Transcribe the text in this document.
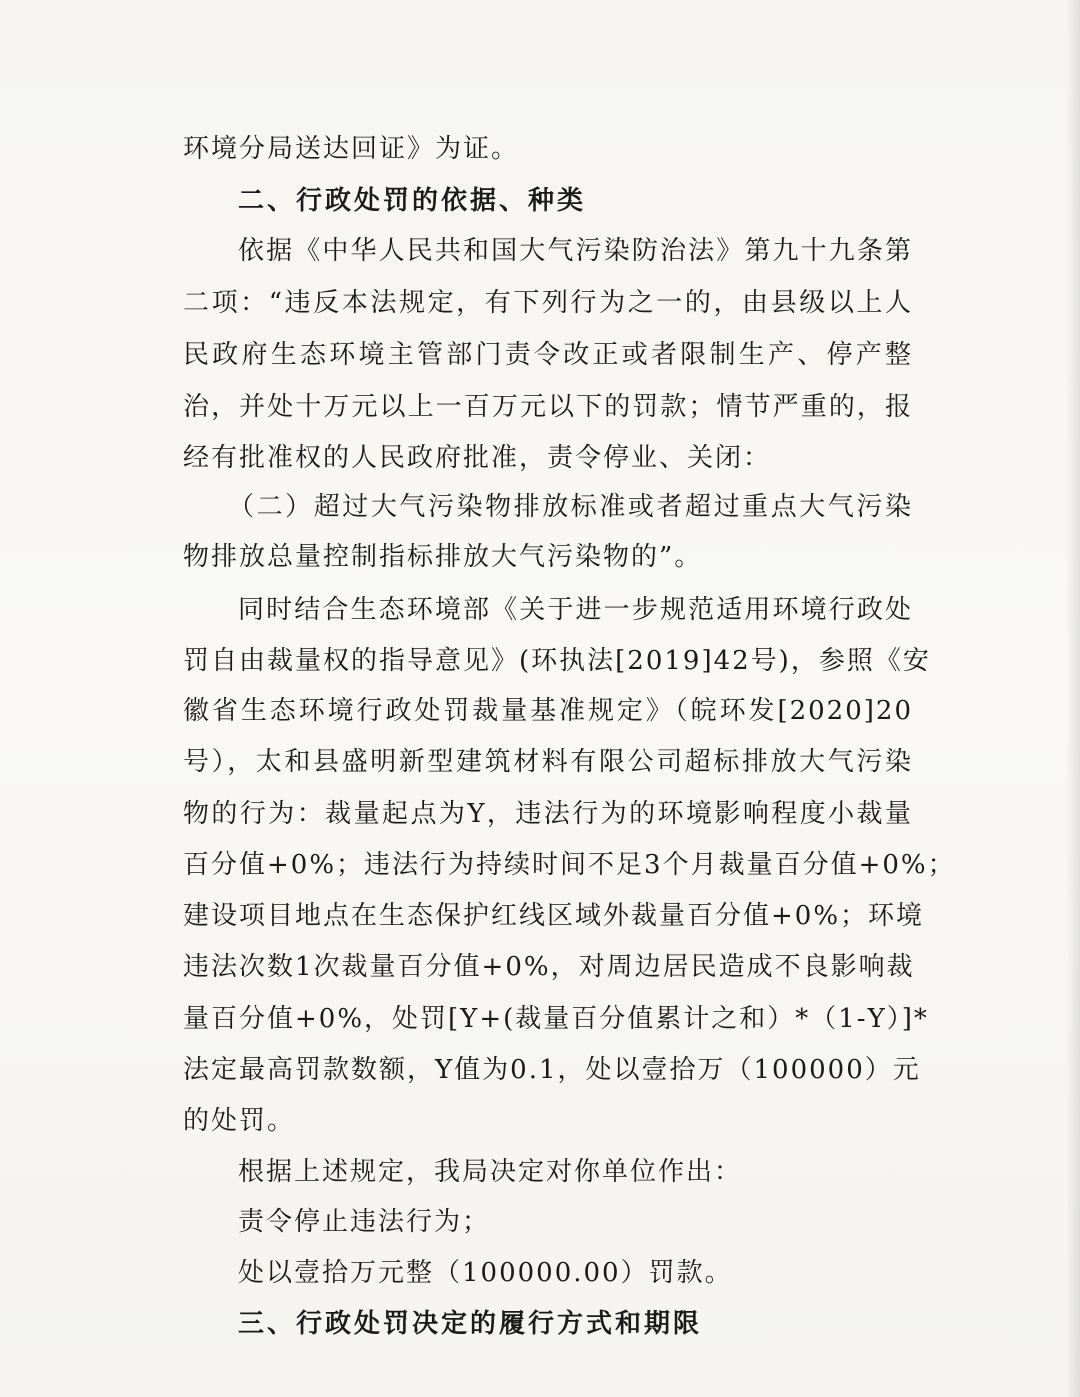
环境分局送达回证》为证。
二、行政处罚的依据、种类
依据《中华人民共和国大气污染防治法》第九十九条第
二项：“违反本法规定，有下列行为之一的，由县级以上人
民政府生态环境主管部门责令改正或者限制生产、停产整
治，并处十万元以上一百万元以下的罚款；情节严重的，报
经有批准权的人民政府批准，责令停业、关闭：
（二）超过大气污染物排放标准或者超过重点大气污染
物排放总量控制指标排放大气污染物的”。
同时结合生态环境部《关于进一步规范适用环境行政处
罚自由裁量权的指导意见》(环执法[2019]42号)，参照《安
徽省生态环境行政处罚裁量基准规定》（皖环发[2020]20
号），太和县盛明新型建筑材料有限公司超标排放大气污染
物的行为：裁量起点为Y，违法行为的环境影响程度小裁量
百分值+0%；违法行为持续时间不足3个月裁量百分值+0%；
建设项目地点在生态保护红线区域外裁量百分值+0%；环境
违法次数1次裁量百分值+0%，对周边居民造成不良影响裁
量百分值+0%，处罚[Y+(裁量百分值累计之和）*（1-Y）]*
法定最高罚款数额，Y值为0.1，处以壹拾万（100000）元
的处罚。
根据上述规定，我局决定对你单位作出：
责令停止违法行为；
处以壹拾万元整（100000.00）罚款。
三、行政处罚决定的履行方式和期限
